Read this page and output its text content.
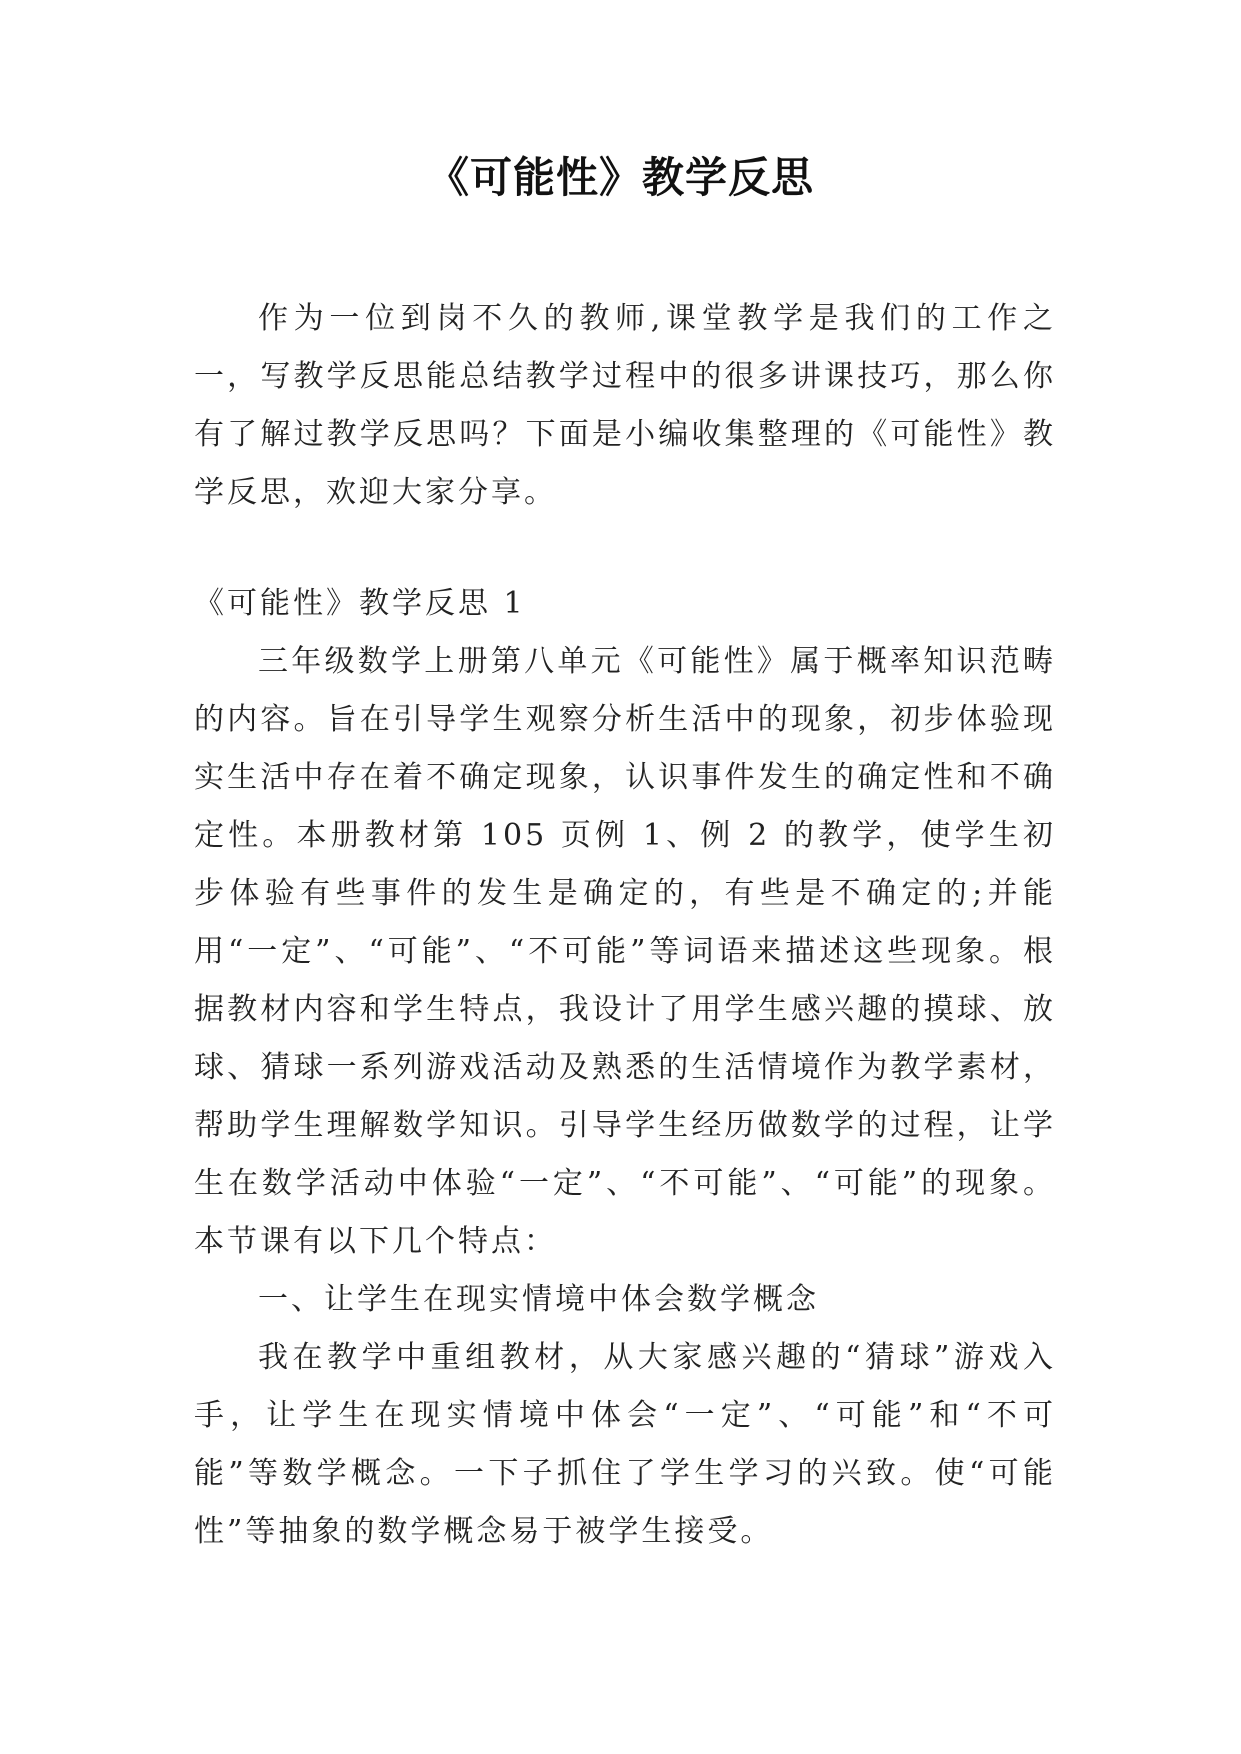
《可能性》教学反思

作为一位到岗不久的教师,课堂教学是我们的工作之一，写教学反思能总结教学过程中的很多讲课技巧，那么你有了解过教学反思吗？下面是小编收集整理的《可能性》教学反思，欢迎大家分享。

《可能性》教学反思 1

三年级数学上册第八单元《可能性》属于概率知识范畴的内容。旨在引导学生观察分析生活中的现象，初步体验现实生活中存在着不确定现象，认识事件发生的确定性和不确定性。本册教材第 105 页例 1、例 2 的教学，使学生初步体验有些事件的发生是确定的，有些是不确定的;并能用“一定”、“可能”、“不可能”等词语来描述这些现象。根据教材内容和学生特点，我设计了用学生感兴趣的摸球、放球、猜球一系列游戏活动及熟悉的生活情境作为教学素材，帮助学生理解数学知识。引导学生经历做数学的过程，让学生在数学活动中体验“一定”、“不可能”、“可能”的现象。本节课有以下几个特点：

一、让学生在现实情境中体会数学概念

我在教学中重组教材，从大家感兴趣的“猜球”游戏入手，让学生在现实情境中体会“一定”、“可能”和“不可能”等数学概念。一下子抓住了学生学习的兴致。使“可能性”等抽象的数学概念易于被学生接受。
